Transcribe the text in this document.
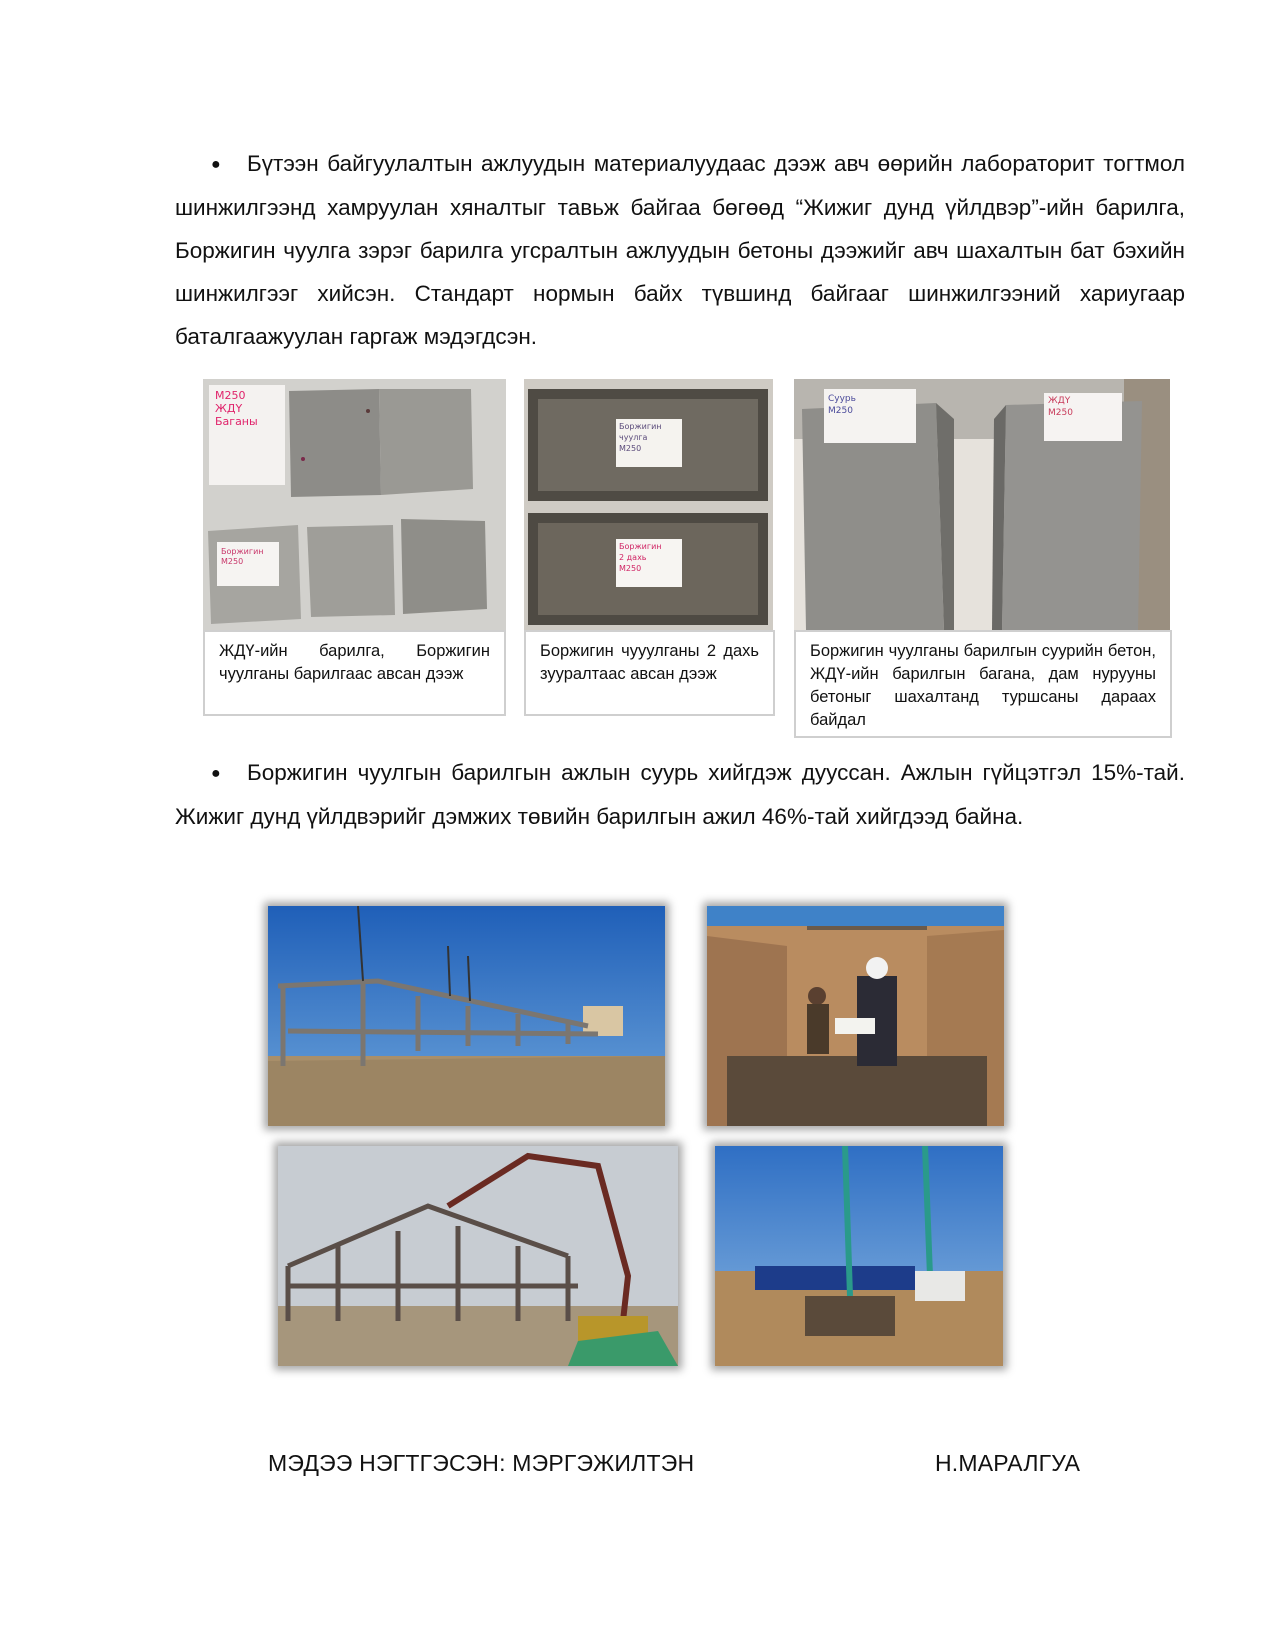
● Бүтээн байгуулалтын ажлуудын материалуудаас дээж авч өөрийн лабораторит тогтмол шинжилгээнд хамруулан хяналтыг тавьж байгаа бөгөөд “Жижиг дунд үйлдвэр”-ийн барилга, Боржигин чуулга зэрэг барилга угсралтын ажлуудын бетоны дээжийг авч шахалтын бат бэхийн шинжилгээг хийсэн. Стандарт нормын байх түвшинд байгааг шинжилгээний хариугаар баталгаажуулан гаргаж мэдэгдсэн.
М250
ЖДҮ
Баганы
Боржигин
М250
Боржигин
чуулга
М250
Боржигин
2 дахь
М250
Суурь
М250
ЖДҮ
М250
ЖДҮ-ийн барилга, Боржигин чуулганы барилгаас авсан дээж
Боржигин чууулганы 2 дахь зууралтаас авсан дээж
Боржигин чуулганы барилгын суурийн бетон, ЖДҮ-ийн барилгын багана, дам нурууны бетоныг шахалтанд туршсаны дараах байдал
● Боржигин чуулгын барилгын ажлын суурь хийгдэж дууссан. Ажлын гүйцэтгэл 15%-тай. Жижиг дунд үйлдвэрийг дэмжих төвийн барилгын ажил 46%-тай хийгдээд байна.
МЭДЭЭ НЭГТГЭСЭН: МЭРГЭЖИЛТЭН	Н.МАРАЛГУА
